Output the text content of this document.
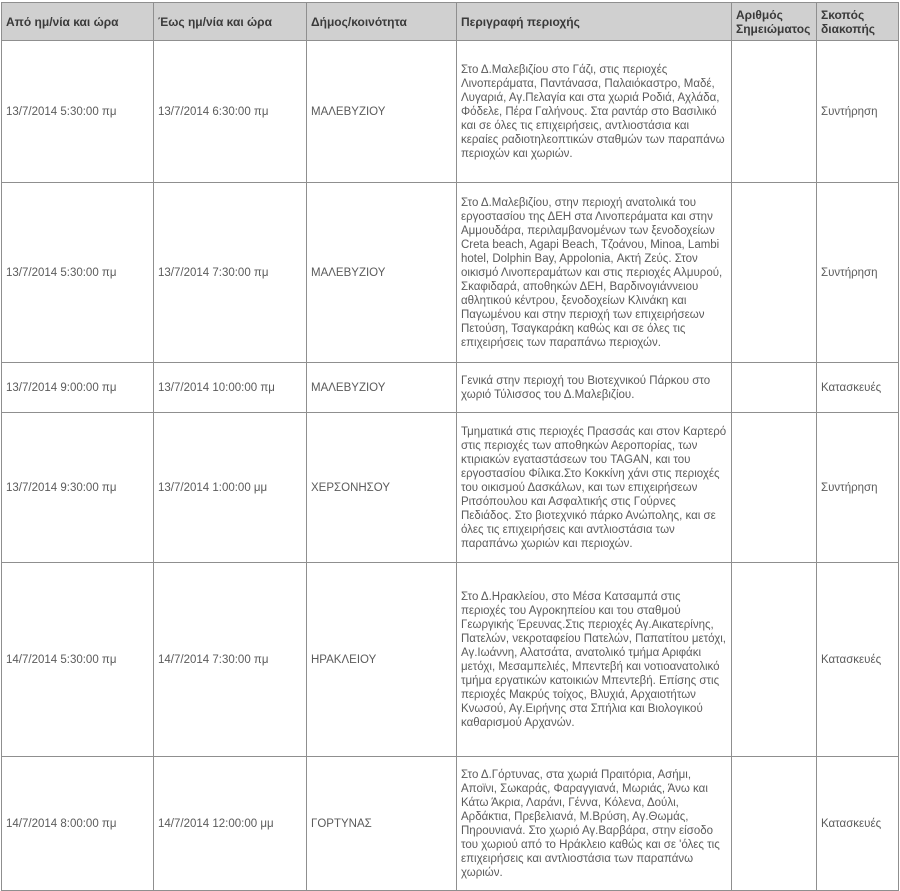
Από ημ/νία και ώρα	Έως ημ/νία και ώρα	Δήμος/κοινότητα	Περιγραφή περιοχής	Αριθμός Σημειώματος	Σκοπός διακοπής
13/7/2014 5:30:00 πμ	13/7/2014 6:30:00 πμ	ΜΑΛΕΒΥΖΙΟΥ	Στο Δ.Μαλεβιζίου στο Γάζι, στις περιοχές Λινοπεράματα, Παντάνασα, Παλαιόκαστρο, Μαδέ, Λυγαριά, Αγ.Πελαγία και στα χωριά Ροδιά, Αχλάδα, Φόδελε, Πέρα Γαλήνους. Στα ραντάρ στο Βασιλικό και σε όλες τις επιχειρήσεις, αντλιοστάσια και κεραίες ραδιοτηλεοπτικών σταθμών των παραπάνω περιοχών και χωριών.		Συντήρηση
13/7/2014 5:30:00 πμ	13/7/2014 7:30:00 πμ	ΜΑΛΕΒΥΖΙΟΥ	Στο Δ.Μαλεβιζίου, στην περιοχή ανατολικά του εργοστασίου της ΔΕΗ στα Λινοπεράματα και στην Αμμουδάρα, περιλαμβανομένων των ξενοδοχείων Creta beach, Agapi Beach, Τζοάνου, Minoa, Lambi hotel, Dolphin Bay, Appolonia, Ακτή Ζεύς. Στον οικισμό Λινοπεραμάτων και στις περιοχές Αλμυρού, Σκαφιδαρά, αποθηκών ΔΕΗ, Βαρδινογιάννειου αθλητικού κέντρου, ξενοδοχείων Κλινάκη και Παγωμένου και στην περιοχή των επιχειρήσεων Πετούση, Τσαγκαράκη καθώς και σε όλες τις επιχειρήσεις των παραπάνω περιοχών.		Συντήρηση
13/7/2014 9:00:00 πμ	13/7/2014 10:00:00 πμ	ΜΑΛΕΒΥΖΙΟΥ	Γενικά στην περιοχή του Βιοτεχνικού Πάρκου στο χωριό Τύλισσος του Δ.Μαλεβιζίου.		Κατασκευές
13/7/2014 9:30:00 πμ	13/7/2014 1:00:00 μμ	ΧΕΡΣΟΝΗΣΟΥ	Τμηματικά στις περιοχές Πρασσάς και στον Καρτερό στις περιοχές των αποθηκών Αεροπορίας, των κτιριακών εγαταστάσεων του TAGAN, και του εργοστασίου Φίλικα.Στο Κοκκίνη χάνι στις περιοχές του οικισμού Δασκάλων, και των επιχειρήσεων Ριτσόπουλου και Ασφαλτικής στις Γούρνες Πεδιάδος. Στο βιοτεχνικό πάρκο Ανώπολης, και σε όλες τις επιχειρήσεις και αντλιοστάσια των παραπάνω χωριών και περιοχών.		Συντήρηση
14/7/2014 5:30:00 πμ	14/7/2014 7:30:00 πμ	ΗΡΑΚΛΕΙΟΥ	Στο Δ.Ηρακλείου, στο Μέσα Κατσαμπά στις περιοχές του Αγροκηπείου και του σταθμού Γεωργικής Έρευνας.Στις περιοχές Αγ.Αικατερίνης, Πατελών, νεκροταφείου Πατελών, Παπατίτου μετόχι, Αγ.Ιωάννη, Αλατσάτα, ανατολικό τμήμα Αριφάκι μετόχι, Μεσαμπελιές, Μπεντεβή και νοτιοανατολικό τμήμα εργατικών κατοικιών Μπεντεβή. Επίσης στις περιοχές Μακρύς τοίχος, Βλυχιά, Αρχαιοτήτων Κνωσού, Αγ.Ειρήνης στα Σπήλια και Βιολογικού καθαρισμού Αρχανών.		Κατασκευές
14/7/2014 8:00:00 πμ	14/7/2014 12:00:00 μμ	ΓΟΡΤΥΝΑΣ	Στο Δ.Γόρτυνας, στα χωριά Πραιτόρια, Ασήμι, Αποϊνι, Σωκαράς, Φαραγγιανά, Μωριάς, Άνω και Κάτω Άκρια, Λαράνι, Γέννα, Κόλενα, Δούλι, Αρδάκτια, Πρεβελιανά, Μ.Βρύση, Αγ.Θωμάς, Πηρουνιανά. Στο χωριό Αγ.Βαρβάρα, στην είσοδο του χωριού από το Ηράκλειο καθώς και σε 'όλες τις επιχειρήσεις και αντλιοστάσια των παραπάνω χωριών.		Κατασκευές
